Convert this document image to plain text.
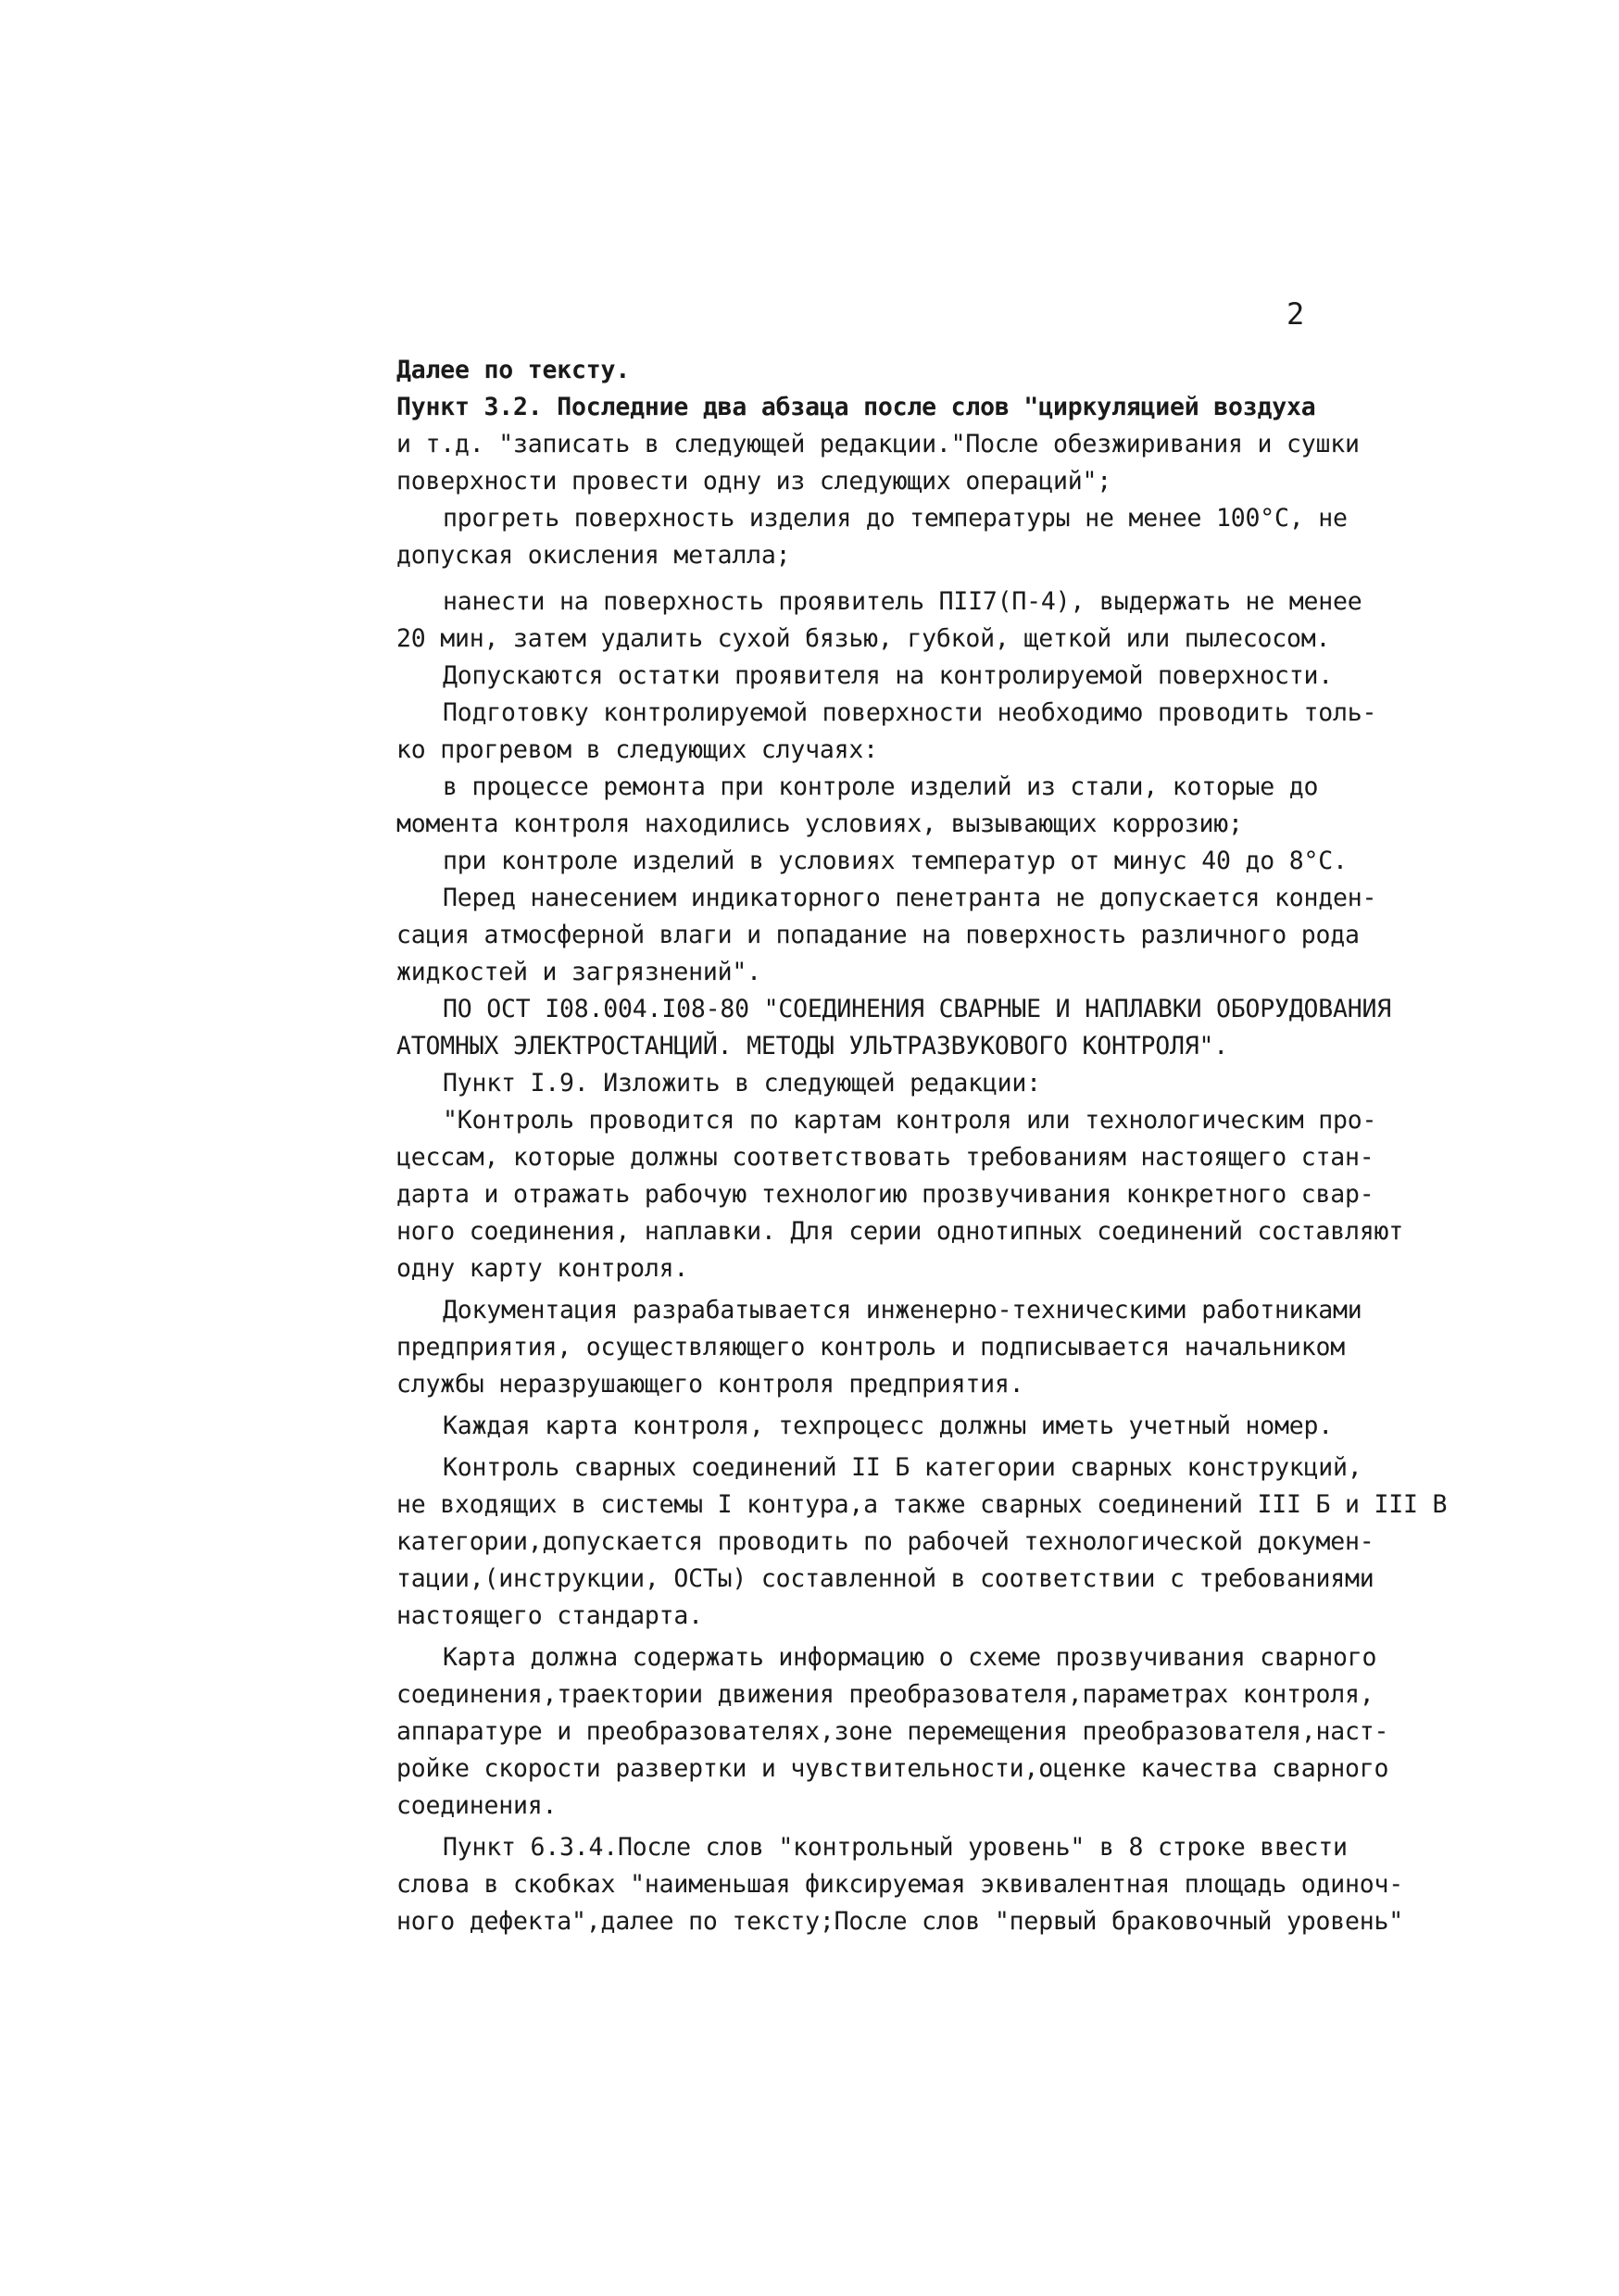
2
Далее по тексту.
Пункт 3.2. Последние два абзаца после слов "циркуляцией воздуха
и т.д. "записать в следующей редакции."После обезжиривания и сушки
поверхности провести одну из следующих операций";
прогреть поверхность изделия до температуры не менее 100°С, не
допуская окисления металла;
нанести на поверхность проявитель ПII7(П-4), выдержать не менее
20 мин, затем удалить сухой бязью, губкой, щеткой или пылесосом.
Допускаются остатки проявителя на контролируемой поверхности.
Подготовку контролируемой поверхности необходимо проводить толь-
ко прогревом в следующих случаях:
в процессе ремонта при контроле изделий из стали, которые до
момента контроля находились условиях, вызывающих коррозию;
при контроле изделий в условиях температур от минус 40 до 8°С.
Перед нанесением индикаторного пенетранта не допускается конден-
сация атмосферной влаги и попадание на поверхность различного рода
жидкостей и загрязнений".
ПО ОСТ I08.004.I08-80 "СОЕДИНЕНИЯ СВАРНЫЕ И НАПЛАВКИ ОБОРУДОВАНИЯ
АТОМНЫХ ЭЛЕКТРОСТАНЦИЙ. МЕТОДЫ УЛЬТРАЗВУКОВОГО КОНТРОЛЯ".
Пункт I.9. Изложить в следующей редакции:
"Контроль проводится по картам контроля или технологическим про-
цессам, которые должны соответствовать требованиям настоящего стан-
дарта и отражать рабочую технологию прозвучивания конкретного свар-
ного соединения, наплавки. Для серии однотипных соединений составляют
одну карту контроля.
Документация разрабатывается инженерно-техническими работниками
предприятия, осуществляющего контроль и подписывается начальником
службы неразрушающего контроля предприятия.
Каждая карта контроля, техпроцесс должны иметь учетный номер.
Контроль сварных соединений II Б категории сварных конструкций,
не входящих в системы I контура,а также сварных соединений III Б и III В
категории,допускается проводить по рабочей технологической докумен-
тации,(инструкции, ОСТы) составленной в соответствии с требованиями
настоящего стандарта.
Карта должна содержать информацию о схеме прозвучивания сварного
соединения,траектории движения преобразователя,параметрах контроля,
аппаратуре и преобразователях,зоне перемещения преобразователя,наст-
ройке скорости развертки и чувствительности,оценке качества сварного
соединения.
Пункт 6.3.4.После слов "контрольный уровень" в 8 строке ввести
слова в скобках "наименьшая фиксируемая эквивалентная площадь одиноч-
ного дефекта",далее по тексту;После слов "первый браковочный уровень"
